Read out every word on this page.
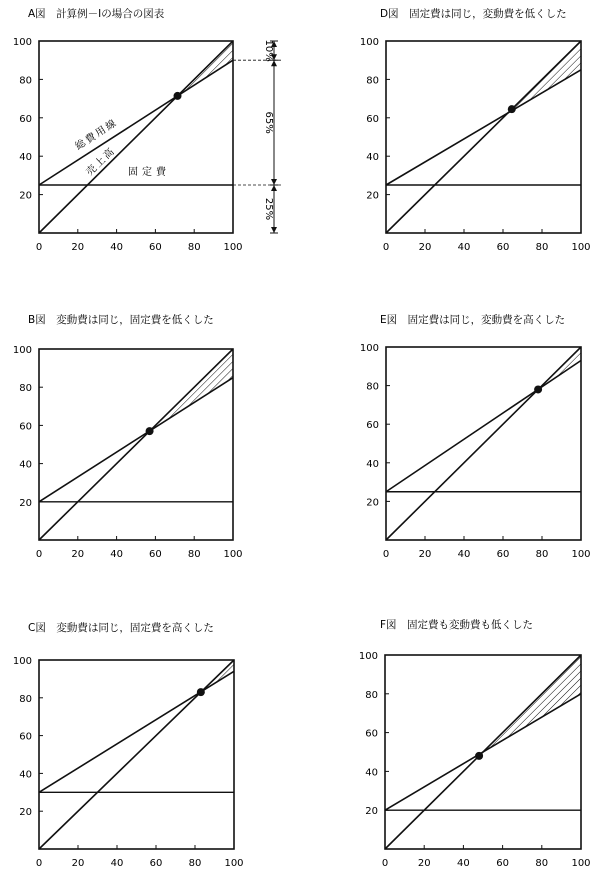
A図　計算例－Ⅰの場合の図表
0	20	40	60	80 100
20
40
60
80
100
総費用線
売上高 固定費
10%
65%
25%
D図　固定費は同じ，変動費を低くした
0	20	40	60	80 100
20
40
60
80
100
B図　変動費は同じ，固定費を低くした
0	20	40	60	80 100
20
40
60
80
100
E図　固定費は同じ，変動費を高くした
0	20	40	60	80 100
20
40
60
80
100
C図　変動費は同じ，固定費を高くした
0	20	40	60	80 100
20
40
60
80
100
F図　固定費も変動費も低くした
0	20	40	60	80 100
20
40
60
80
100
